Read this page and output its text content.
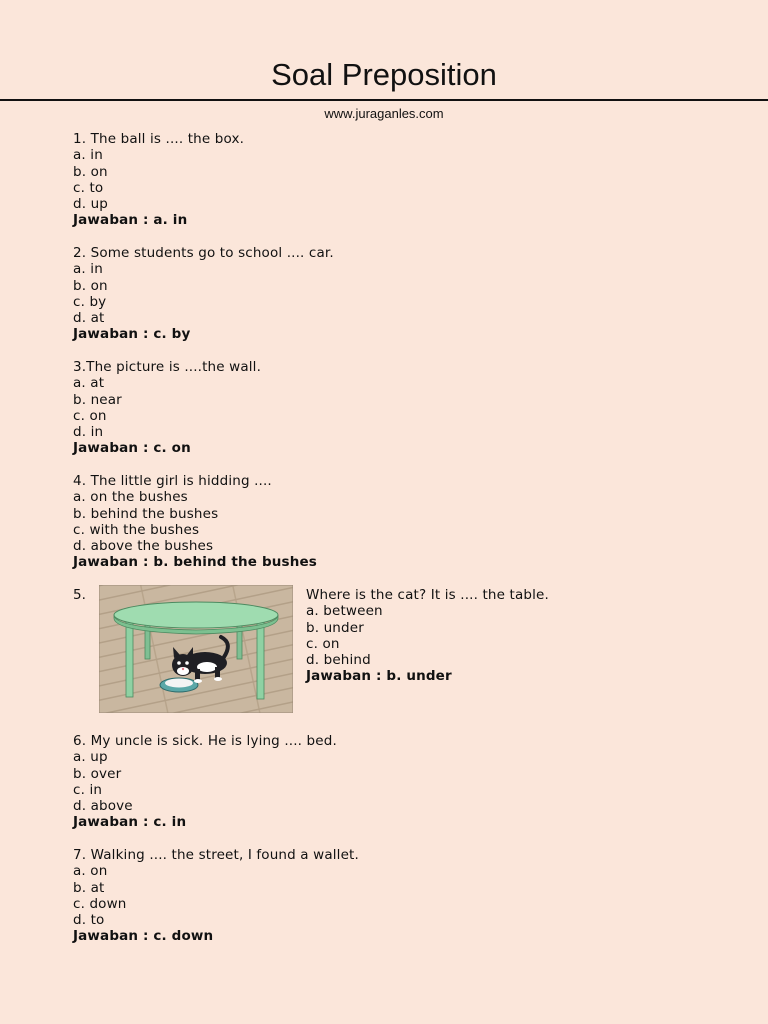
Soal Preposition
www.juraganles.com
1. The ball is .... the box.
a. in
b. on
c. to
d. up
Jawaban : a. in
2. Some students go to school .... car.
a. in
b. on
c. by
d. at
Jawaban : c. by
3.The picture is ....the wall.
a. at
b. near
c. on
d. in
Jawaban : c. on
4. The little girl is hidding ....
a. on the bushes
b. behind the bushes
c. with the bushes
d. above the bushes
Jawaban : b. behind the bushes
5.	Where is the cat? It is .... the table.
a. between
b. under
c. on
d. behind
Jawaban : b. under
6. My uncle is sick. He is lying .... bed.
a. up
b. over
c. in
d. above
Jawaban : c. in
7. Walking .... the street, I found a wallet.
a. on
b. at
c. down
d. to
Jawaban : c. down
